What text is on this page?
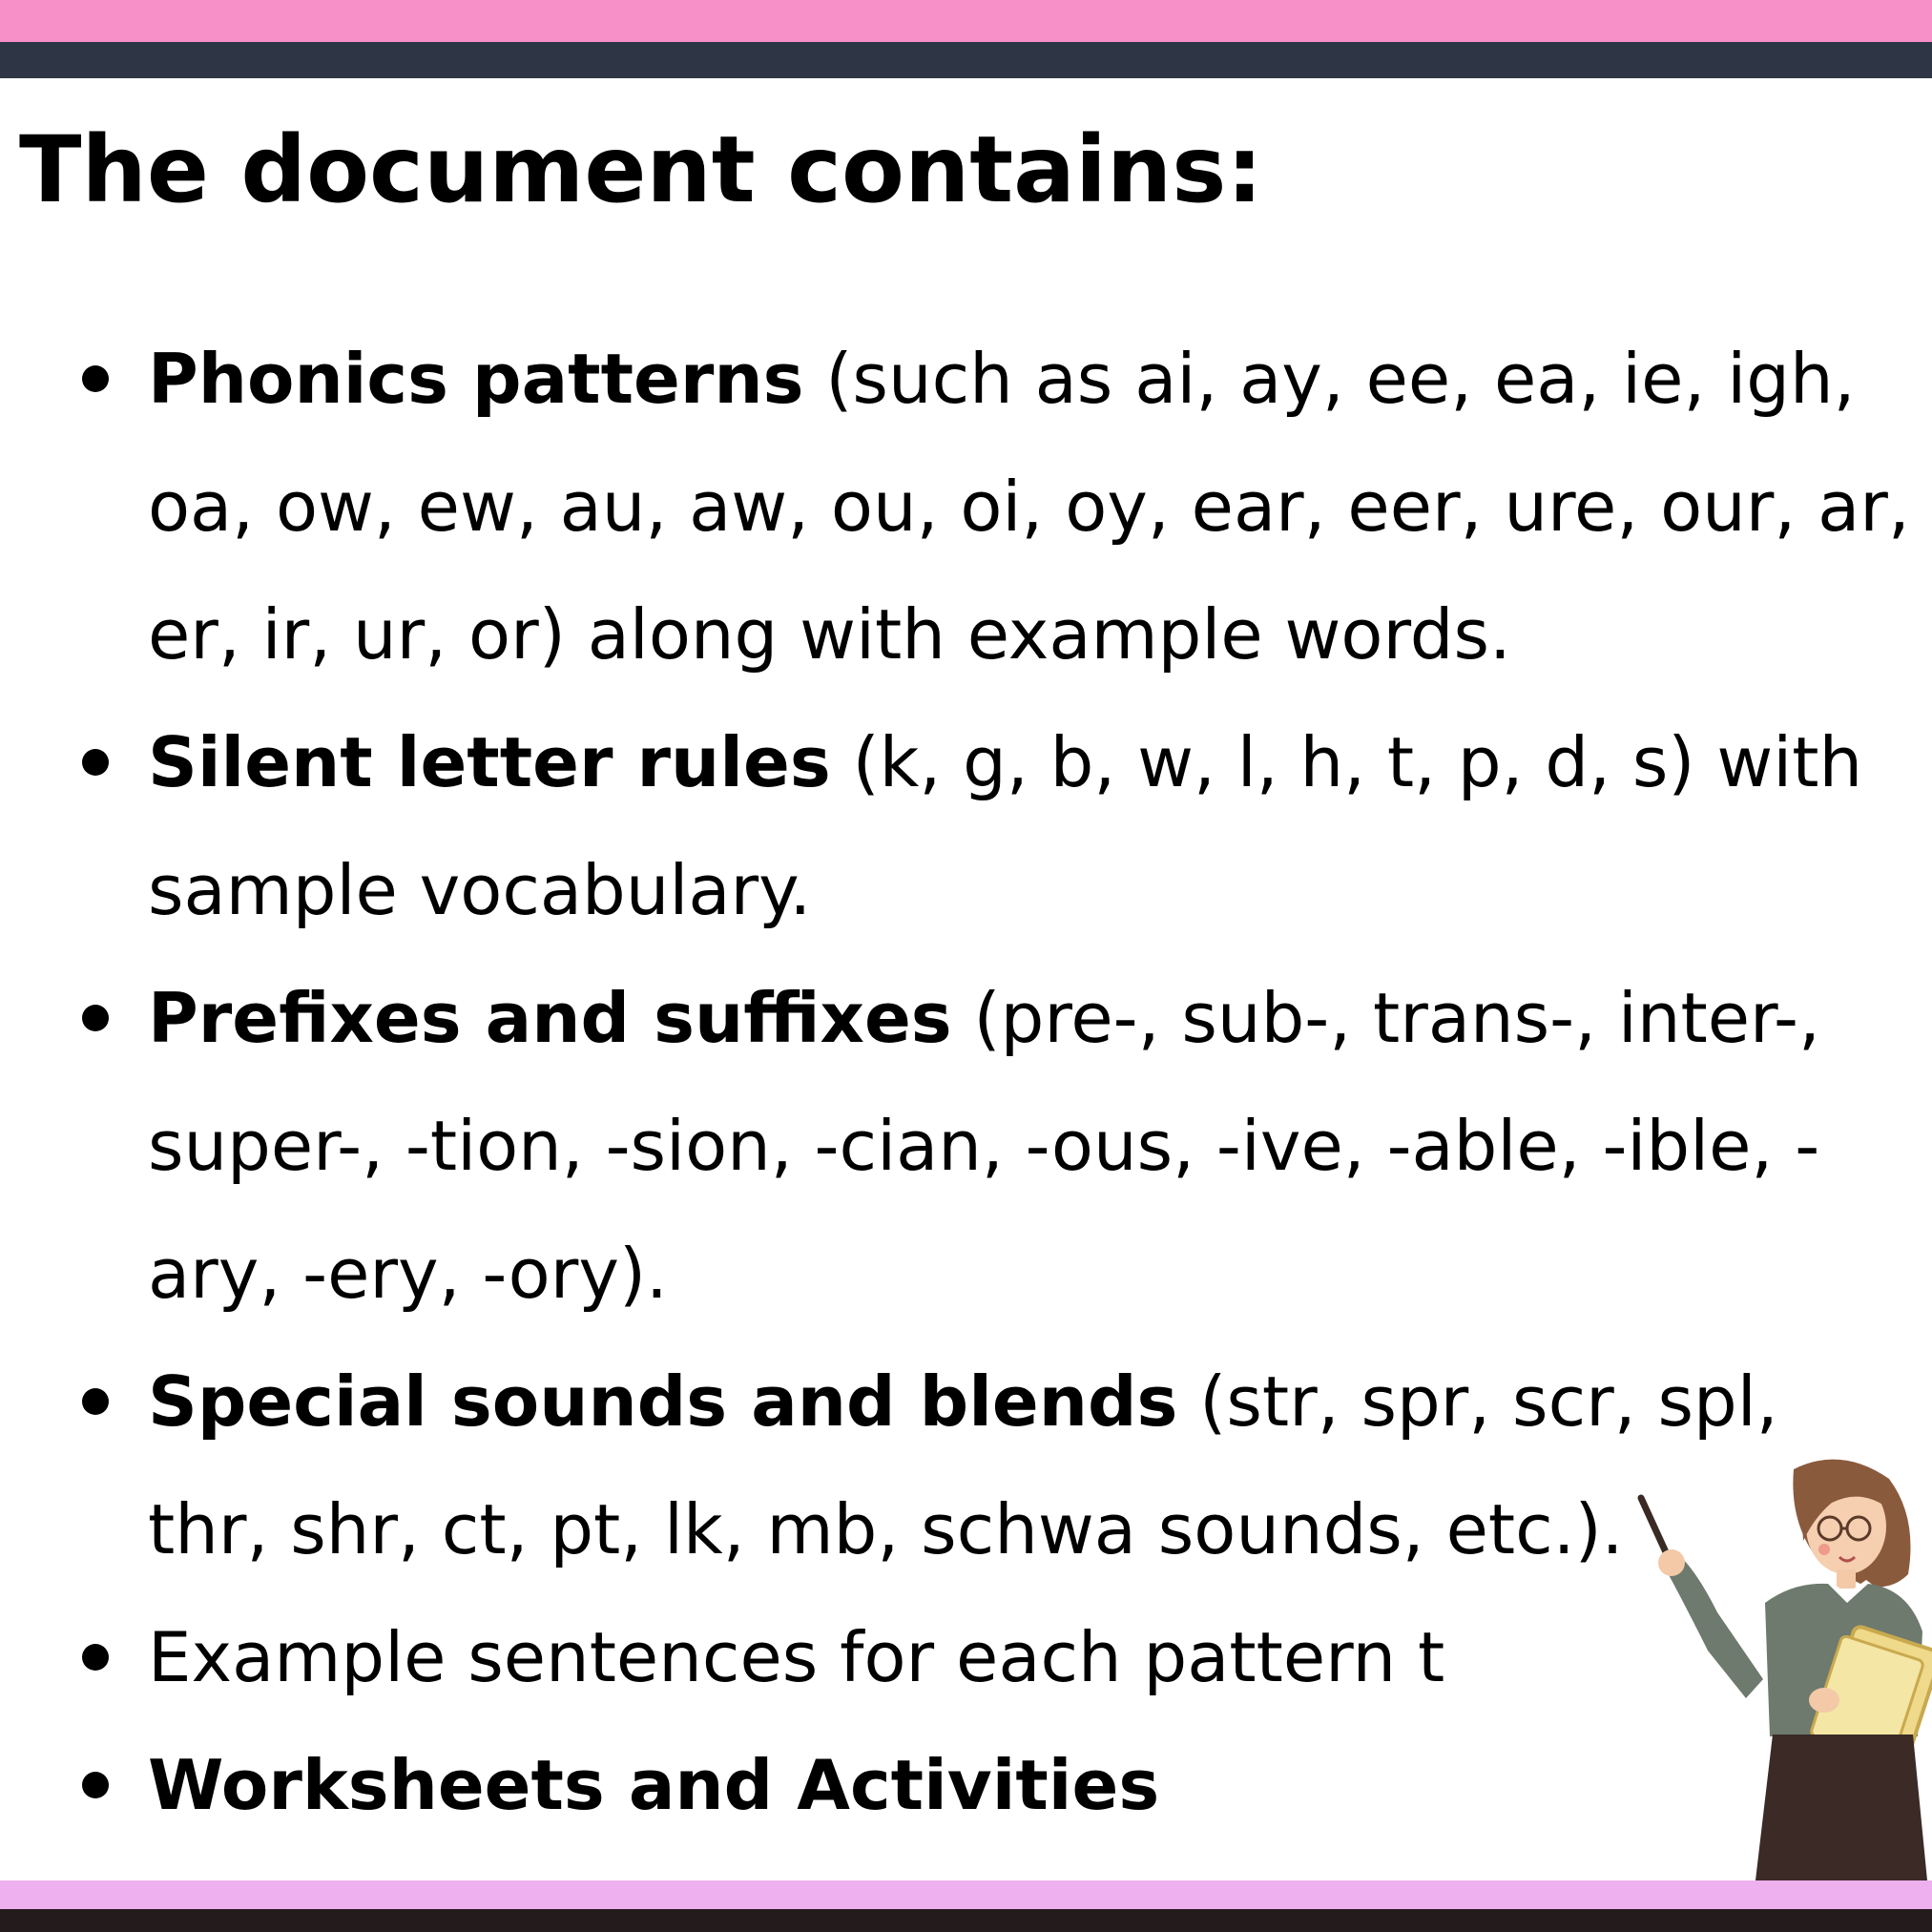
The document contains:
Phonics patterns (such as ai, ay, ee, ea, ie, igh, oa, ow, ew, au, aw, ou, oi, oy, ear, eer, ure, our, ar, er, ir, ur, or) along with example words.
Silent letter rules (k, g, b, w, l, h, t, p, d, s) with sample vocabulary.
Prefixes and suffixes (pre-, sub-, trans-, inter-, super-, -tion, -sion, -cian, -ous, -ive, -able, -ible, -ary, -ery, -ory).
Special sounds and blends (str, spr, scr, spl, thr, shr, ct, pt, lk, mb, schwa sounds, etc.).
Example sentences for each pattern t
Worksheets and Activities
